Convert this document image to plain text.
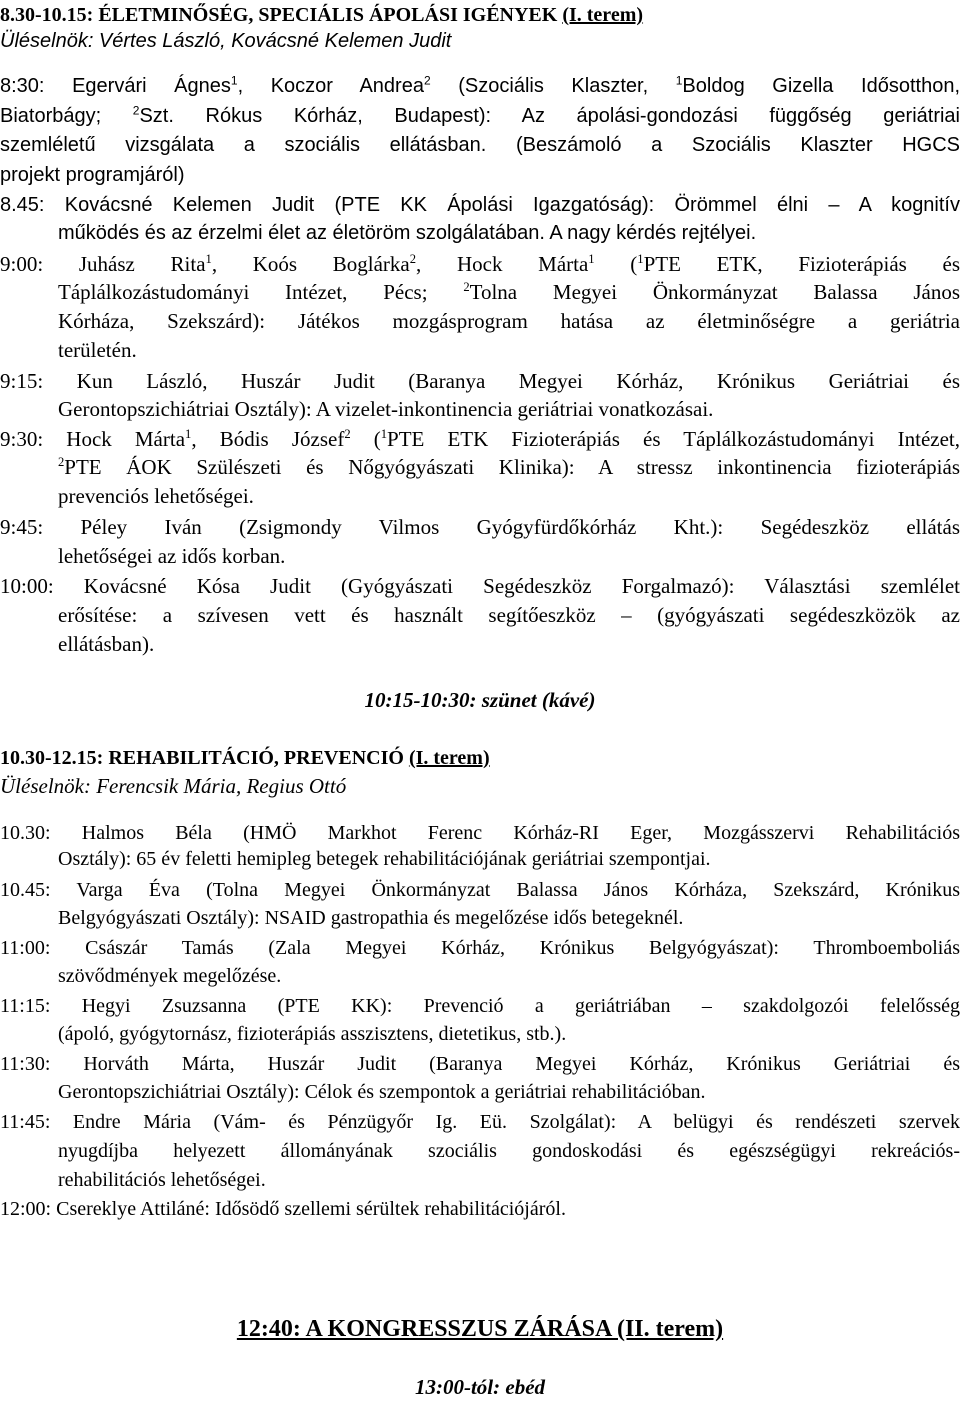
8.30-10.15: ÉLETMINŐSÉG, SPECIÁLIS ÁPOLÁSI IGÉNYEK (I. terem)
Üléselnök: Vértes László, Kovácsné Kelemen Judit
8:30: Egervári Ágnes$^1$, Koczor Andrea$^2$ (Szociális Klaszter, $^1$Boldog Gizella Idősotthon,
Biatorbágy; $^2$Szt. Rókus Kórház, Budapest): Az ápolási-gondozási függőség geriátriai
szemléletű vizsgálata a szociális ellátásban. (Beszámoló a Szociális Klaszter HGCS
projekt programjáról)
8.45: Kovácsné Kelemen Judit (PTE KK Ápolási Igazgatóság): Örömmel élni – A kognitív
működés és az érzelmi élet az életöröm szolgálatában. A nagy kérdés rejtélyei.
9:00: Juhász Rita$^1$, Koós Boglárka$^2$, Hock Márta$^1$ ($^1$PTE ETK, Fizioterápiás és
Táplálkozástudományi Intézet, Pécs; $^2$Tolna Megyei Önkormányzat Balassa János
Kórháza, Szekszárd): Játékos mozgásprogram hatása az életminőségre a geriátria
területén.
9:15: Kun László, Huszár Judit (Baranya Megyei Kórház, Krónikus Geriátriai és
Gerontopszichiátriai Osztály): A vizelet-inkontinencia geriátriai vonatkozásai.
9:30: Hock Márta$^1$, Bódis József$^2$ ($^1$PTE ETK Fizioterápiás és Táplálkozástudományi Intézet,
$^2$PTE ÁOK Szülészeti és Nőgyógyászati Klinika): A stressz inkontinencia fizioterápiás
prevenciós lehetőségei.
9:45: Péley Iván (Zsigmondy Vilmos Gyógyfürdőkórház Kht.): Segédeszköz ellátás
lehetőségei az idős korban.
10:00: Kovácsné Kósa Judit (Gyógyászati Segédeszköz Forgalmazó): Választási szemlélet
erősítése: a szívesen vett és használt segítőeszköz – (gyógyászati segédeszközök az
ellátásban).
10:15-10:30: szünet (kávé)
10.30-12.15: REHABILITÁCIÓ, PREVENCIÓ (I. terem)
Üléselnök: Ferencsik Mária, Regius Ottó
10.30: Halmos Béla (HMÖ Markhot Ferenc Kórház-RI Eger, Mozgásszervi Rehabilitációs
Osztály): 65 év feletti hemipleg betegek rehabilitációjának geriátriai szempontjai.
10.45: Varga Éva (Tolna Megyei Önkormányzat Balassa János Kórháza, Szekszárd, Krónikus
Belgyógyászati Osztály): NSAID gastropathia és megelőzése idős betegeknél.
11:00: Császár Tamás (Zala Megyei Kórház, Krónikus Belgyógyászat): Thromboemboliás
szövődmények megelőzése.
11:15: Hegyi Zsuzsanna (PTE KK): Prevenció a geriátriában – szakdolgozói felelősség
(ápoló, gyógytornász, fizioterápiás asszisztens, dietetikus, stb.).
11:30: Horváth Márta, Huszár Judit (Baranya Megyei Kórház, Krónikus Geriátriai és
Gerontopszichiátriai Osztály): Célok és szempontok a geriátriai rehabilitációban.
11:45: Endre Mária (Vám- és Pénzügyőr Ig. Eü. Szolgálat): A belügyi és rendészeti szervek
nyugdíjba helyezett állományának szociális gondoskodási és egészségügyi rekreációs-
rehabilitációs lehetőségei.
12:00: Csereklye Attiláné: Idősödő szellemi sérültek rehabilitációjáról.
12:40: A KONGRESSZUS ZÁRÁSA (II. terem)
13:00-tól: ebéd
